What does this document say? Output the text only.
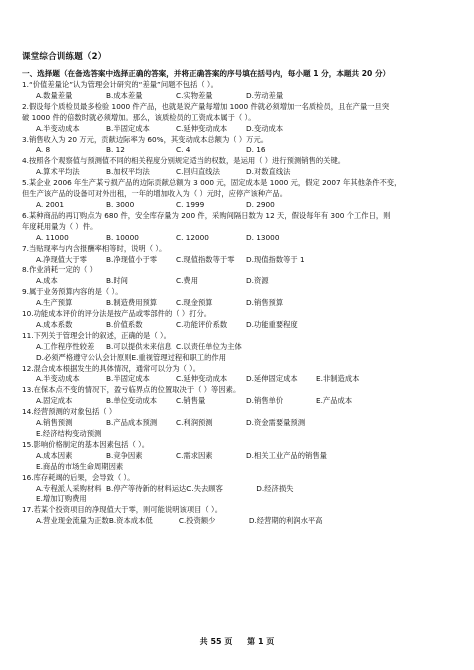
课堂综合训练题（2）
一、选择题（在备选答案中选择正确的答案，并将正确答案的序号填在括号内，每小题 1 分，本题共 20 分）
1.“价值差量论”认为管理会计研究的“差量”问题不包括（ ）。
A.数量差量	B.成本差量	C.实物差量	D.劳动差量
2.假设每个质检员最多检验 1000 件产品，也就是说产量每增加 1000 件就必须增加一名质检员，且在产量一旦突
破 1000 件的倍数时就必须增加。那么，该质检员的工资成本属于（ ）。
A.半变动成本	B.半固定成本	C.延伸变动成本	D.变动成本
3.销售收入为 20 万元，贡献边际率为 60%，其变动成本总额为（ ）万元。
A. 8	B. 12	C. 4	D. 16
4.按照各个观察值与预测值不同的相关程度分别规定适当的权数，是运用（ ）进行预测销售的关键。
A.算术平均法	B.加权平均法	C.回归直线法	D.对数直线法
5.某企业 2006 年生产某亏损产品的边际贡献总额为 3 000 元，固定成本是 1000 元，假定 2007 年其他条件不变，
但生产该产品的设备可对外出租，一年的增加收入为（ ）元时，应停产该种产品。
A. 2001	B. 3000	C. 1999	D. 2900
6.某种商品的再订购点为 680 件，安全库存量为 200 件，采购间隔日数为 12 天，假设每年有 300 个工作日，则
年度耗用量为（ ）件。
A. 11000	B. 10000	C. 12000	D. 13000
7.当贴现率与内含报酬率相等时，说明（ ）。
A.净现值大于零	B.净现值小于零	C.现值指数等于零 D.现值指数等于 1
8.作业消耗一定的（ ）
A.成本	B.时间	C.费用	D.资源
9.属于业务预算内容的是（ ）。
A.生产预算	B.制造费用预算	C.现金预算	D.销售预算
10.功能成本评价的评分法是按产品或零部件的（ ）打分。
A.成本系数	B.价值系数	C.功能评价系数	D.功能重要程度
11.下列关于管理会计的叙述，正确的是（ ）。
A.工作程序性较差 B.可以提供未来信息 C.以责任单位为主体
D.必须严格遵守公认会计原则E.重视管理过程和职工的作用
12.混合成本根据发生的具体情况，通常可以分为（ ）。
A.半变动成本	B.半固定成本	C.延伸变动成本	D.延伸固定成本	E.非制造成本
13.在保本点不变的情况下，盈亏临界点的位置取决于（ ）等因素。
A.固定成本	B.单位变动成本	C.销售量	D.销售单价	E.产品成本
14.经营预测的对象包括（ ）
A.销售预测	B.产品成本预测	C.利润预测	D.资金需要量预测
E.经济结构变动预测
15.影响价格制定的基本因素包括（ ）。
A.成本因素	B.竞争因素	C.需求因素	D.相关工业产品的销售量
E.商品的市场生命周期因素
16.库存耗竭的后果，会导致（ ）。
A.专程派人采购材料 B.停产等待新的材料运达C.失去顾客	D.经济损失
E.增加订购费用
17.若某个投资项目的净现值大于零，则可能说明该项目（ ）。
A.营业现金流量为正数B.资本成本低	C.投资额少	D.经营期的利润水平高
共 55 页 第 1 页
